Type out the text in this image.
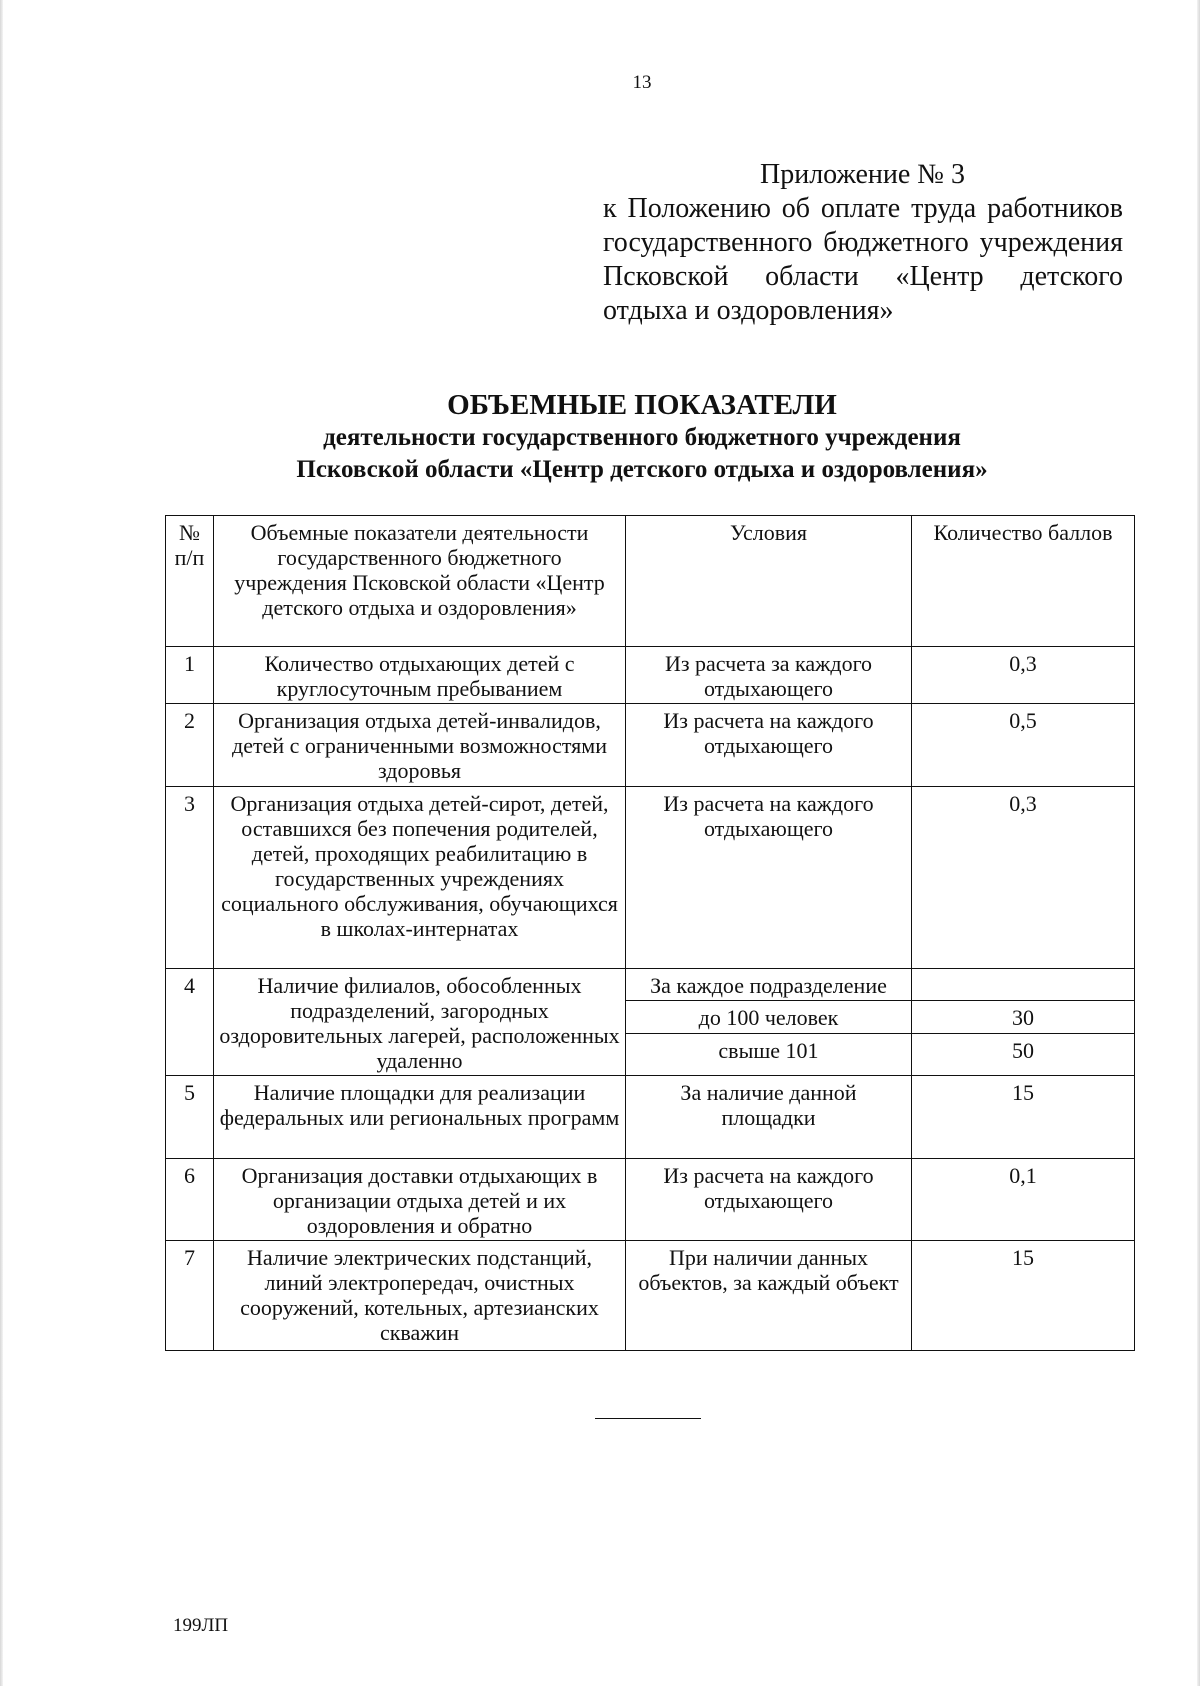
13
Приложение № 3
к Положению об оплате труда работников
государственного бюджетного учреждения
Псковской области «Центр детского
отдыха и оздоровления»
ОБЪЕМНЫЕ ПОКАЗАТЕЛИ
деятельности государственного бюджетного учреждения
Псковской области «Центр детского отдыха и оздоровления»
№ п/п	Объемные показатели деятельности государственного бюджетного учреждения Псковской области «Центр детского отдыха и оздоровления»	Условия	Количество баллов
1	Количество отдыхающих детей с круглосуточным пребыванием	Из расчета за каждого отдыхающего	0,3
2	Организация отдыха детей-инвалидов, детей с ограниченными возможностями здоровья	Из расчета на каждого отдыхающего	0,5
3	Организация отдыха детей-сирот, детей, оставшихся без попечения родителей, детей, проходящих реабилитацию в государственных учреждениях социального обслуживания, обучающихся в школах-интернатах	Из расчета на каждого отдыхающего	0,3
4	Наличие филиалов, обособленных подразделений, загородных оздоровительных лагерей, расположенных удаленно	За каждое подразделение	
		до 100 человек	30
		свыше 101	50
5	Наличие площадки для реализации федеральных или региональных программ	За наличие данной площадки	15
6	Организация доставки отдыхающих в организации отдыха детей и их оздоровления и обратно	Из расчета на каждого отдыхающего	0,1
7	Наличие электрических подстанций, линий электропередач, очистных сооружений, котельных, артезианских скважин	При наличии данных объектов, за каждый объект	15
199ЛП
